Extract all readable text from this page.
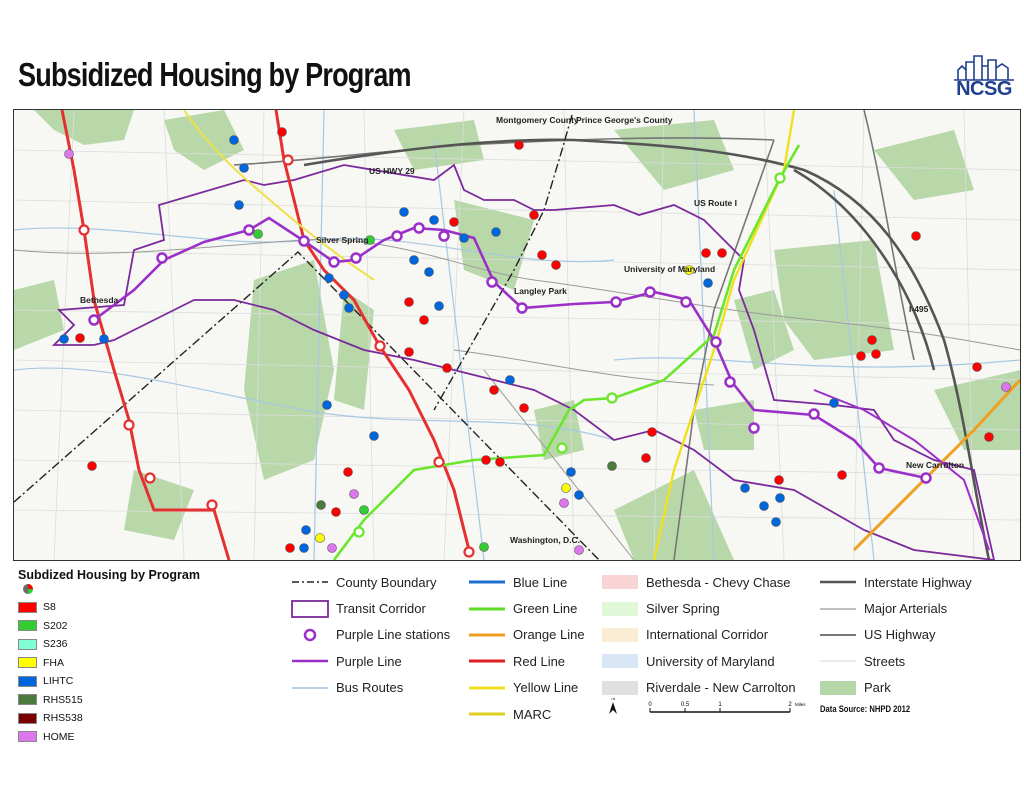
Subsidized Housing by Program	NCSG
Montgomery County
Prince George's County
US HWY 29
US Route I
Silver Spring
Bethesda
Langley Park
University of Maryland
I-495
New Carrolton
Washington, D.C.
Subdized Housing by Program
S8
S202
S236
FHA
LIHTC
RHS515
RHS538
HOME
County Boundary
Transit Corridor
Purple Line stations
Purple Line
Bus Routes
Blue Line
Green Line
Orange Line
Red Line
Yellow Line
MARC
Bethesda - Chevy Chase
Silver Spring
International Corridor
University of Maryland
Riverdale - New Carrolton
Interstate Highway
Major Arterials
US Highway
Streets
Park
N
0	0.5	1	2 Miles Data Source: NHPD 2012
